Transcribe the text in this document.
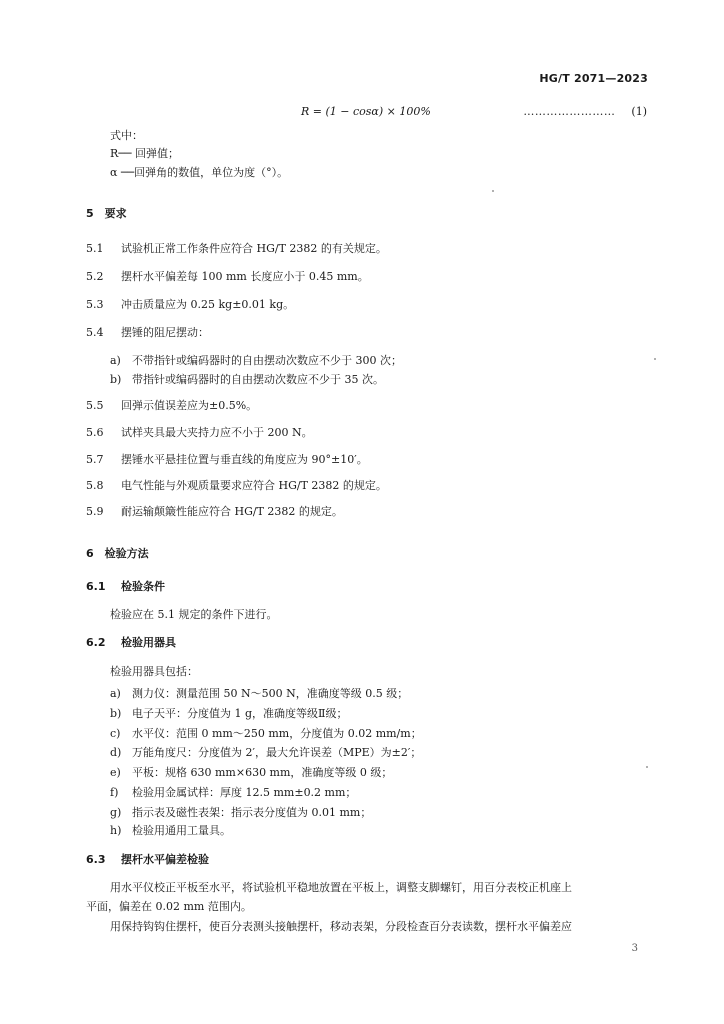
HG/T 2071—2023
R = (1 − cosα) × 100%	…………………… (1)
式中：
R── 回弹值；
α ──回弹角的数值，单位为度（°）。
5　要求
5.1　 试验机正常工作条件应符合 HG/T 2382 的有关规定。
5.2　 摆杆水平偏差每 100 mm 长度应小于 0.45 mm。
5.3　 冲击质量应为 0.25 kg±0.01 kg。
5.4　 摆锤的阻尼摆动：
a) 不带指针或编码器时的自由摆动次数应不少于 300 次；
b) 带指针或编码器时的自由摆动次数应不少于 35 次。
5.5　 回弹示值误差应为±0.5%。
5.6　 试样夹具最大夹持力应不小于 200 N。
5.7　 摆锤水平悬挂位置与垂直线的角度应为 90°±10′。
5.8　 电气性能与外观质量要求应符合 HG/T 2382 的规定。
5.9　 耐运输颠簸性能应符合 HG/T 2382 的规定。
6　检验方法
6.1　 检验条件
检验应在 5.1 规定的条件下进行。
6.2　 检验用器具
检验用器具包括：
a) 测力仪：测量范围 50 N～500 N，准确度等级 0.5 级；
b) 电子天平：分度值为 1 g，准确度等级Ⅱ级；
c) 水平仪：范围 0 mm～250 mm，分度值为 0.02 mm/m；
d) 万能角度尺：分度值为 2′，最大允许误差（MPE）为±2′；
e) 平板：规格 630 mm×630 mm，准确度等级 0 级；
f) 检验用金属试样：厚度 12.5 mm±0.2 mm；
g) 指示表及磁性表架：指示表分度值为 0.01 mm；
h) 检验用通用工量具。
6.3　 摆杆水平偏差检验
用水平仪校正平板至水平，将试验机平稳地放置在平板上，调整支脚螺钉，用百分表校正机座上
平面，偏差在 0.02 mm 范围内。
用保持钩钩住摆杆，使百分表测头接触摆杆，移动表架，分段检查百分表读数，摆杆水平偏差应
3
